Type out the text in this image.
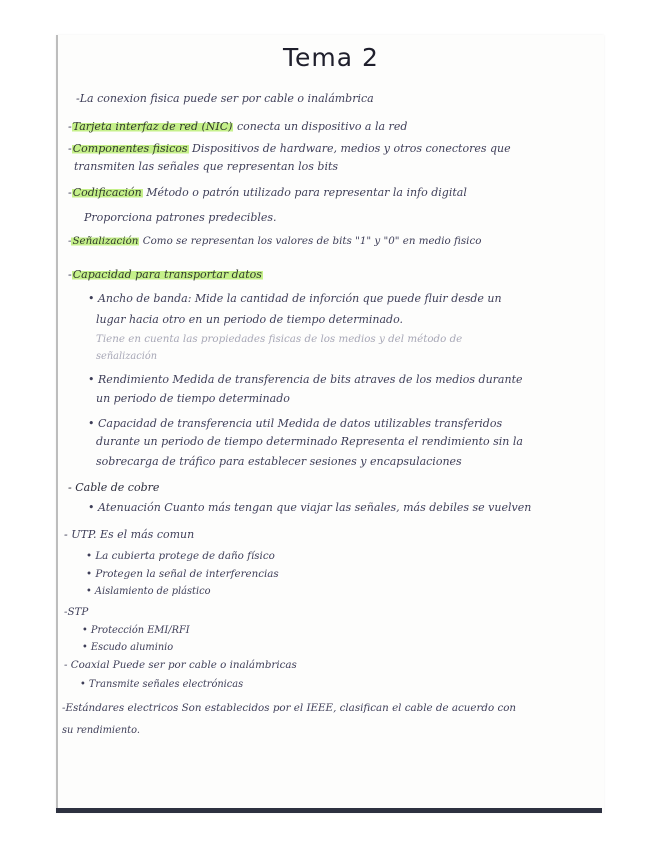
Tema 2
-La conexion fisica puede ser por cable o inalámbrica
-Tarjeta interfaz de red (NIC) conecta un dispositivo a la red
-Componentes fisicos Dispositivos de hardware, medios y otros conectores que
transmiten las señales que representan los bits
-Codificación Método o patrón utilizado para representar la info digital
Proporciona patrones predecibles.
-Señalización Como se representan los valores de bits "1" y "0" en medio fisico
-Capacidad para transportar datos
• Ancho de banda: Mide la cantidad de inforción que puede fluir desde un
lugar hacia otro en un periodo de tiempo determinado.
Tiene en cuenta las propiedades fisicas de los medios y del método de
señalización
• Rendimiento Medida de transferencia de bits atraves de los medios durante
un periodo de tiempo determinado
• Capacidad de transferencia util Medida de datos utilizables transferidos
durante un periodo de tiempo determinado Representa el rendimiento sin la
sobrecarga de tráfico para establecer sesiones y encapsulaciones
- Cable de cobre
• Atenuación Cuanto más tengan que viajar las señales, más debiles se vuelven
- UTP. Es el más comun
• La cubierta protege de daño físico
• Protegen la señal de interferencias
• Aislamiento de plástico
-STP
• Protección EMI/RFI
• Escudo aluminio
- Coaxial Puede ser por cable o inalámbricas
• Transmite señales electrónicas
-Estándares electricos Son establecidos por el IEEE, clasifican el cable de acuerdo con
su rendimiento.
